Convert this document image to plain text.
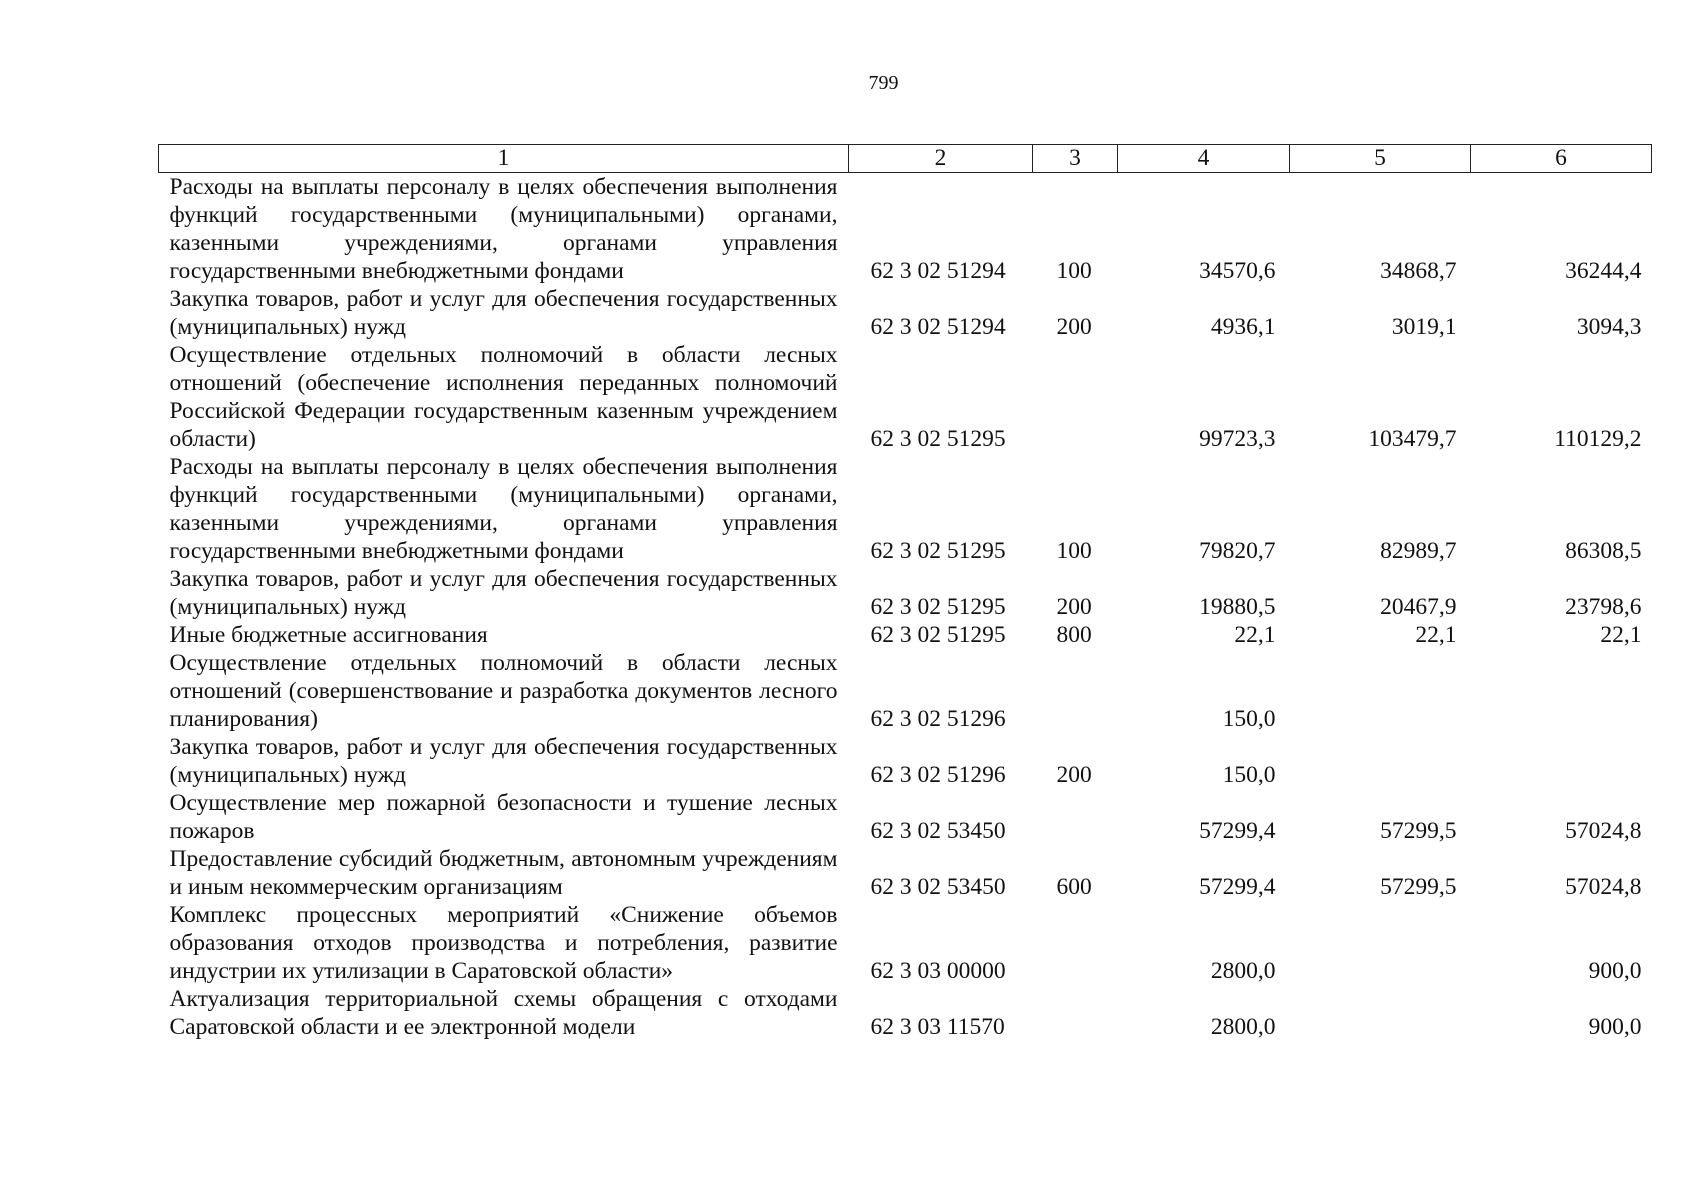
799
1	2	3	4	5	6
Расходы на выплаты персоналу в целях обеспечения выполнения функций государственными (муниципальными) органами, казенными учреждениями, органами управления государственными внебюджетными фондами	62 3 02 51294	100	34570,6	34868,7	36244,4
Закупка товаров, работ и услуг для обеспечения государственных (муниципальных) нужд	62 3 02 51294	200	4936,1	3019,1	3094,3
Осуществление отдельных полномочий в области лесных отношений (обеспечение исполнения переданных полномочий Российской Федерации государственным казенным учреждением области)	62 3 02 51295		99723,3	103479,7	110129,2
Расходы на выплаты персоналу в целях обеспечения выполнения функций государственными (муниципальными) органами, казенными учреждениями, органами управления государственными внебюджетными фондами	62 3 02 51295	100	79820,7	82989,7	86308,5
Закупка товаров, работ и услуг для обеспечения государственных (муниципальных) нужд	62 3 02 51295	200	19880,5	20467,9	23798,6
Иные бюджетные ассигнования	62 3 02 51295	800	22,1	22,1	22,1
Осуществление отдельных полномочий в области лесных отношений (совершенствование и разработка документов лесного планирования)	62 3 02 51296		150,0		
Закупка товаров, работ и услуг для обеспечения государственных (муниципальных) нужд	62 3 02 51296	200	150,0		
Осуществление мер пожарной безопасности и тушение лесных пожаров	62 3 02 53450		57299,4	57299,5	57024,8
Предоставление субсидий бюджетным, автономным учреждениям и иным некоммерческим организациям	62 3 02 53450	600	57299,4	57299,5	57024,8
Комплекс процессных мероприятий «Снижение объемов образования отходов производства и потребления, развитие индустрии их утилизации в Саратовской области»	62 3 03 00000		2800,0		900,0
Актуализация территориальной схемы обращения с отходами Саратовской области и ее электронной модели	62 3 03 11570		2800,0		900,0
